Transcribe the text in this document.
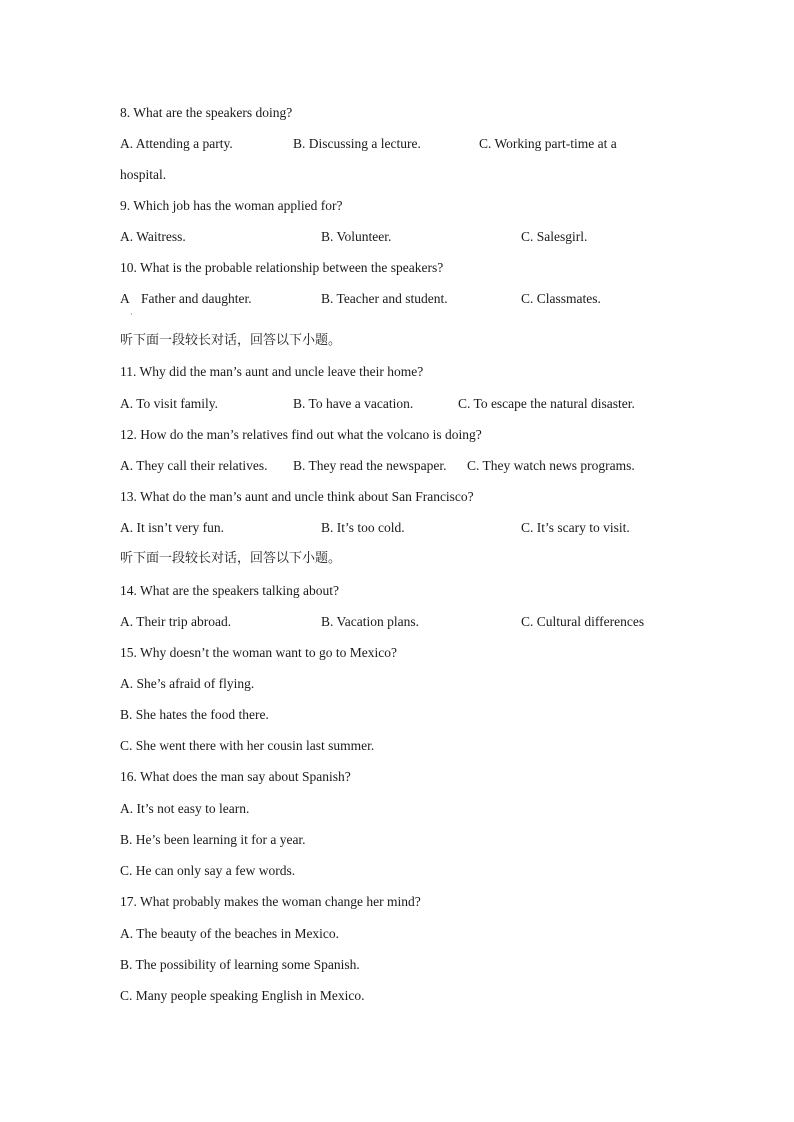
8. What are the speakers doing?
A. Attending a party.	B. Discussing a lecture.	C. Working part-time at a
hospital.
9. Which job has the woman applied for?
A. Waitress.	B. Volunteer.	C. Salesgirl.
10. What is the probable relationship between the speakers?
A Father and daughter.
·
B. Teacher and student.	C. Classmates.
听下面一段较长对话，回答以下小题。
11. Why did the man’s aunt and uncle leave their home?
A. To visit family.	B. To have a vacation.	C. To escape the natural disaster.
12. How do the man’s relatives find out what the volcano is doing?
A. They call their relatives. B. They read the newspaper. C. They watch news programs.
13. What do the man’s aunt and uncle think about San Francisco?
A. It isn’t very fun.	B. It’s too cold.	C. It’s scary to visit.
听下面一段较长对话，回答以下小题。
14. What are the speakers talking about?
A. Their trip abroad.	B. Vacation plans.	C. Cultural differences
15. Why doesn’t the woman want to go to Mexico?
A. She’s afraid of flying.
B. She hates the food there.
C. She went there with her cousin last summer.
16. What does the man say about Spanish?
A. It’s not easy to learn.
B. He’s been learning it for a year.
C. He can only say a few words.
17. What probably makes the woman change her mind?
A. The beauty of the beaches in Mexico.
B. The possibility of learning some Spanish.
C. Many people speaking English in Mexico.
